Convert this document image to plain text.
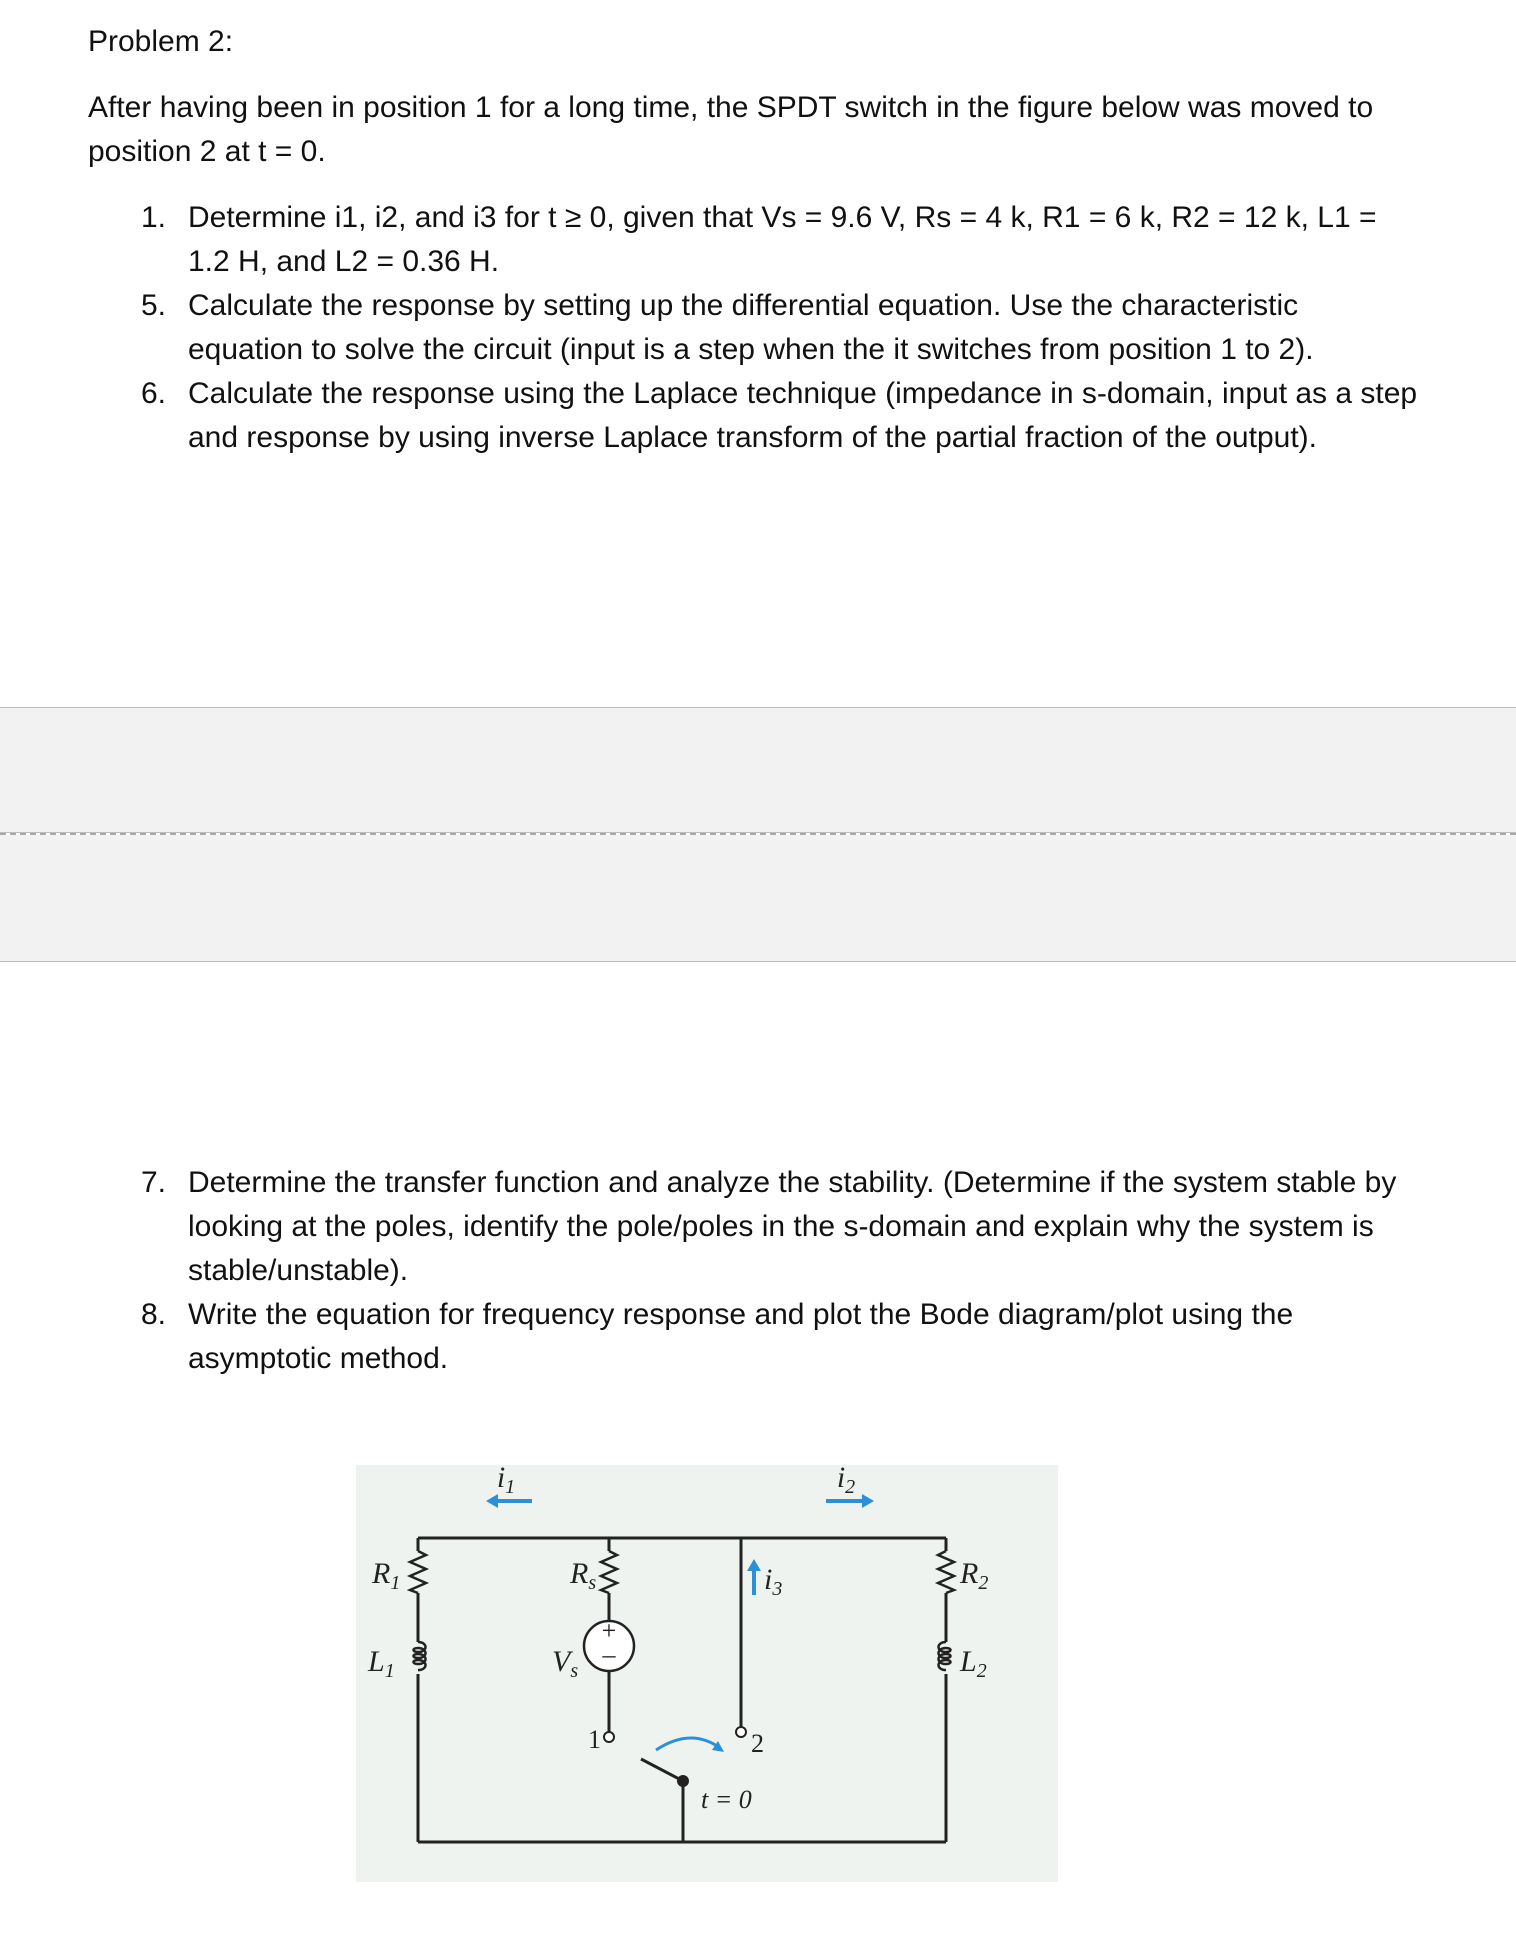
Problem 2:
After having been in position 1 for a long time, the SPDT switch in the figure below was moved to position 2 at t = 0.
1. Determine i1, i2, and i3 for t ≥ 0, given that Vs = 9.6 V, Rs = 4 k, R1 = 6 k, R2 = 12 k, L1 = 1.2 H, and L2 = 0.36 H.
5. Calculate the response by setting up the differential equation. Use the characteristic equation to solve the circuit (input is a step when the it switches from position 1 to 2).
6. Calculate the response using the Laplace technique (impedance in s-domain, input as a step and response by using inverse Laplace transform of the partial fraction of the output).
7. Determine the transfer function and analyze the stability. (Determine if the system stable by looking at the poles, identify the pole/poles in the s-domain and explain why the system is stable/unstable).
8. Write the equation for frequency response and plot the Bode diagram/plot using the asymptotic method.
+
–
$i_1$	$i_2$
$i_3$
$R_1$	$R_s$	$R_2$
$L_1$	$L_2$
$V_s$
1	2
t = 0
